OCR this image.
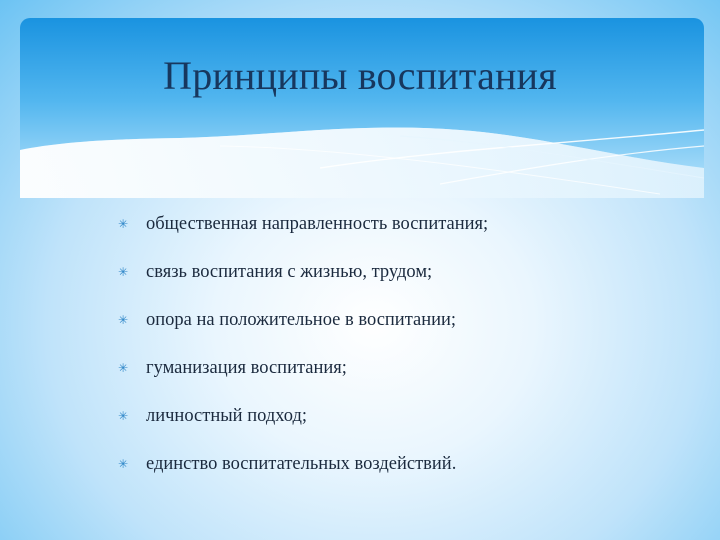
Принципы воспитания
✳ общественная направленность воспитания;
✳ связь воспитания с жизнью, трудом;
✳ опора на положительное в воспитании;
✳ гуманизация воспитания;
✳ личностный подход;
✳ единство воспитательных воздействий.
